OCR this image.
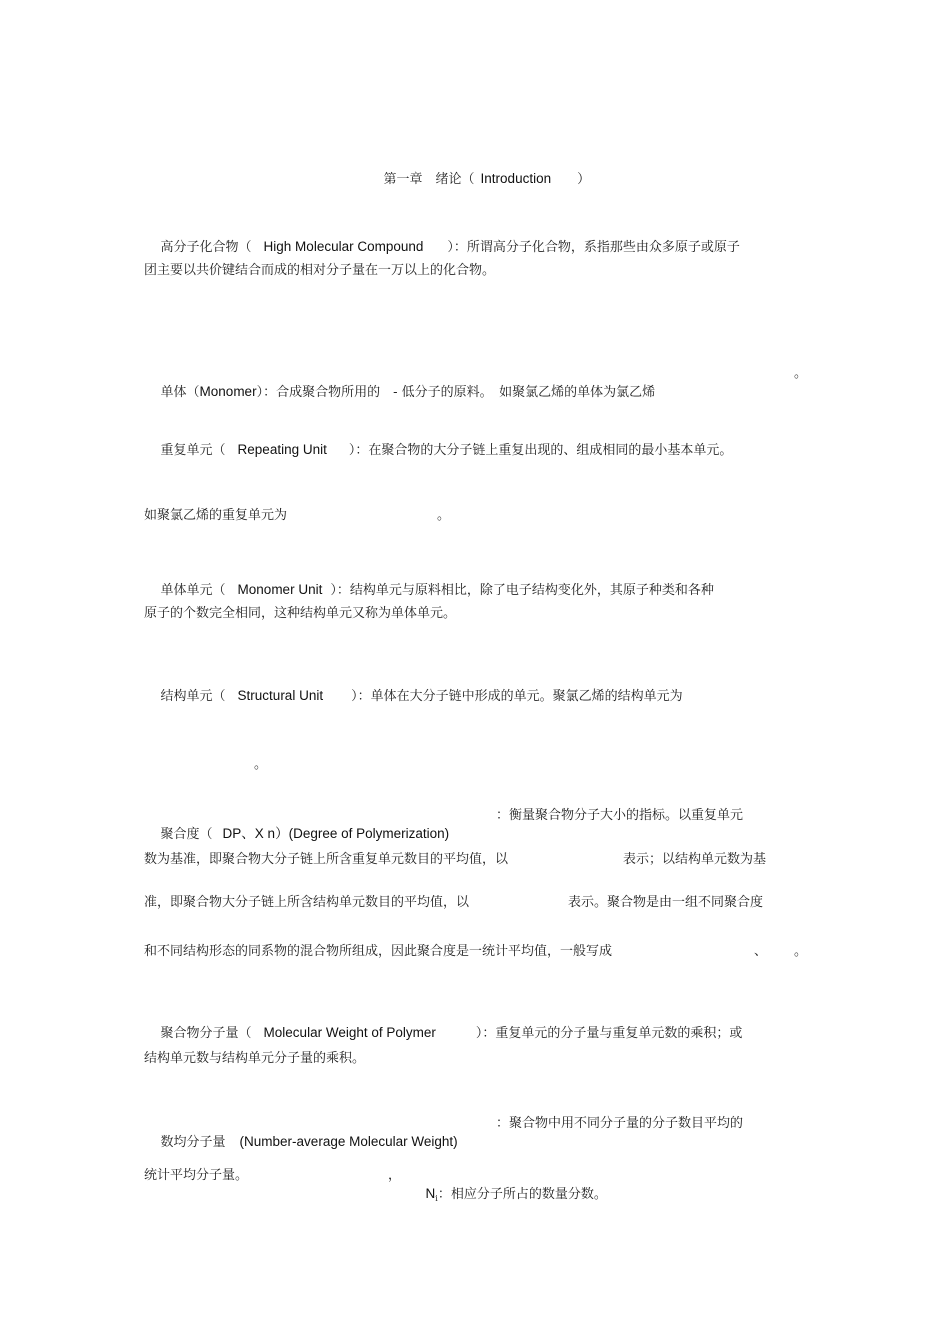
第一章　绪论（ Introduction ）

高分子化合物（ High Molecular Compound ）：所谓高分子化合物，系指那些由众多原子或原子

团主要以共价键结合而成的相对分子量在一万以上的化合物。

单体（Monomer）：合成聚合物所用的　- 低分子的原料。　如聚氯乙烯的单体为氯乙烯

。

重复单元（ Repeating Unit ）：在聚合物的大分子链上重复出现的、组成相同的最小基本单元。

如聚氯乙烯的重复单元为	。

单体单元（ Monomer Unit ）：结构单元与原料相比，除了电子结构变化外，其原子种类和各种

原子的个数完全相同，这种结构单元又称为单体单元。

结构单元（ Structural Unit ）：单体在大分子链中形成的单元。聚氯乙烯的结构单元为

。

聚合度（ DP、X n）(Degree of Polymerization)

：衡量聚合物分子大小的指标。以重复单元
数为基准，即聚合物大分子链上所含重复单元数目的平均值，以	表示；以结构单元数为基
准，即聚合物大分子链上所含结构单元数目的平均值，以	表示。聚合物是由一组不同聚合度
和不同结构形态的同系物的混合物所组成，因此聚合度是一统计平均值，一般写成	、 。

聚合物分子量（ Molecular Weight of Polymer	）：重复单元的分子量与重复单元数的乘积；或

结构单元数与结构单元分子量的乘积。

数均分子量 (Number-average Molecular Weight)

：聚合物中用不同分子量的分子数目平均的
统计平均分子量。	，

$N_i$：相应分子所占的数量分数。
